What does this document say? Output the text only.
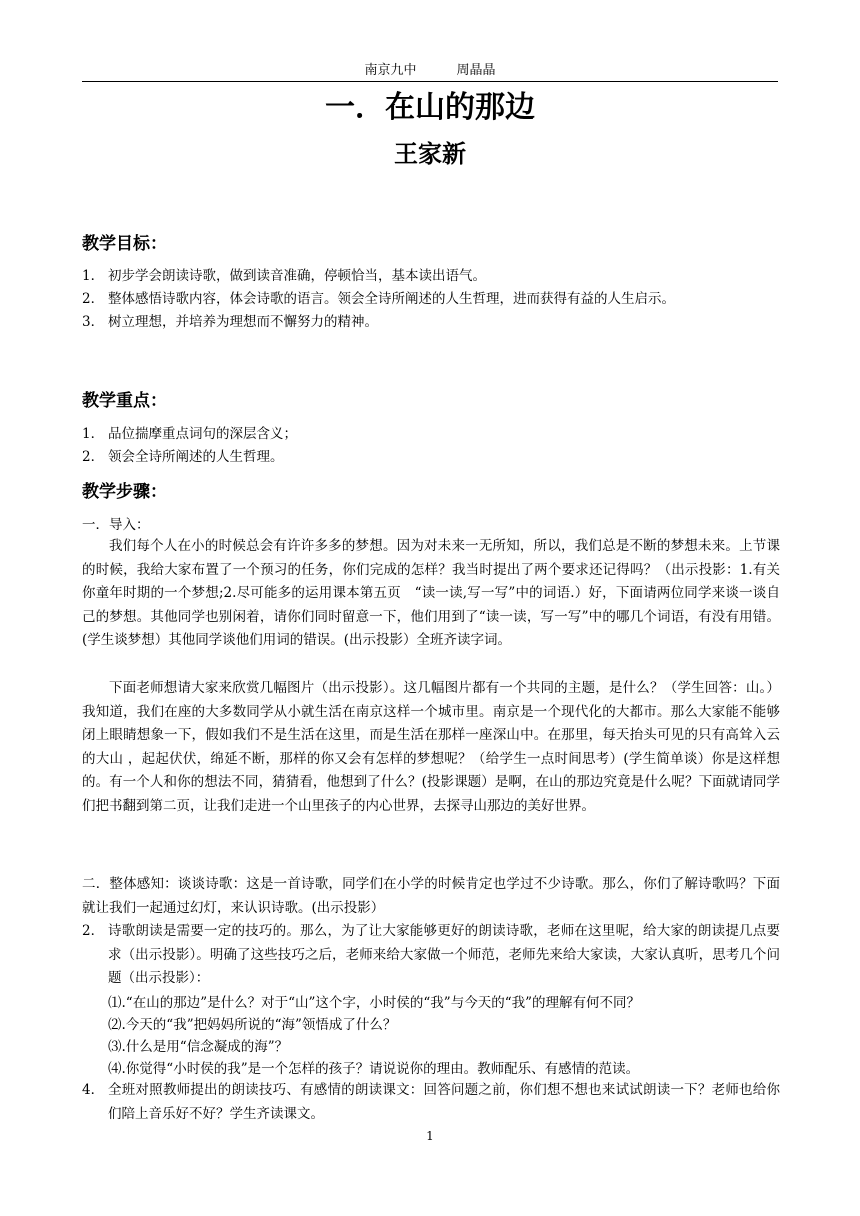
南京九中	周晶晶
一．在山的那边
王家新
教学目标：
1． 初步学会朗读诗歌，做到读音准确，停顿恰当，基本读出语气。
2． 整体感悟诗歌内容，体会诗歌的语言。领会全诗所阐述的人生哲理，进而获得有益的人生启示。
3． 树立理想，并培养为理想而不懈努力的精神。
教学重点：
1． 品位揣摩重点词句的深层含义；
2． 领会全诗所阐述的人生哲理。
教学步骤：
一．导入：
我们每个人在小的时候总会有许许多多的梦想。因为对未来一无所知，所以，我们总是不断的梦想未来。上节课的时候，我给大家布置了一个预习的任务，你们完成的怎样？我当时提出了两个要求还记得吗？（出示投影：1.有关你童年时期的一个梦想;2.尽可能多的运用课本第五页　“读一读,写一写”中的词语.）好，下面请两位同学来谈一谈自己的梦想。其他同学也别闲着，请你们同时留意一下，他们用到了“读一读，写一写”中的哪几个词语，有没有用错。(学生谈梦想）其他同学谈他们用词的错误。(出示投影）全班齐读字词。
下面老师想请大家来欣赏几幅图片（出示投影）。这几幅图片都有一个共同的主题，是什么？（学生回答：山。）我知道，我们在座的大多数同学从小就生活在南京这样一个城市里。南京是一个现代化的大都市。那么大家能不能够闭上眼睛想象一下，假如我们不是生活在这里，而是生活在那样一座深山中。在那里，每天抬头可见的只有高耸入云的大山 ，起起伏伏，绵延不断，那样的你又会有怎样的梦想呢？（给学生一点时间思考）(学生简单谈）你是这样想的。有一个人和你的想法不同，猜猜看，他想到了什么？(投影课题）是啊，在山的那边究竟是什么呢？下面就请同学们把书翻到第二页，让我们走进一个山里孩子的内心世界，去探寻山那边的美好世界。
二．整体感知：谈谈诗歌：这是一首诗歌，同学们在小学的时候肯定也学过不少诗歌。那么，你们了解诗歌吗？下面就让我们一起通过幻灯，来认识诗歌。(出示投影）
2． 诗歌朗读是需要一定的技巧的。那么，为了让大家能够更好的朗读诗歌，老师在这里呢，给大家的朗读提几点要求（出示投影）。明确了这些技巧之后，老师来给大家做一个师范，老师先来给大家读，大家认真听，思考几个问题（出示投影）：
⑴.“在山的那边”是什么？对于“山”这个字，小时侯的“我”与今天的“我”的理解有何不同？
⑵.今天的“我”把妈妈所说的“海”领悟成了什么？
⑶.什么是用“信念凝成的海”？
⑷.你觉得“小时侯的我”是一个怎样的孩子？请说说你的理由。教师配乐、有感情的范读。
4． 全班对照教师提出的朗读技巧、有感情的朗读课文：回答问题之前，你们想不想也来试试朗读一下？老师也给你们陪上音乐好不好？学生齐读课文。
1
